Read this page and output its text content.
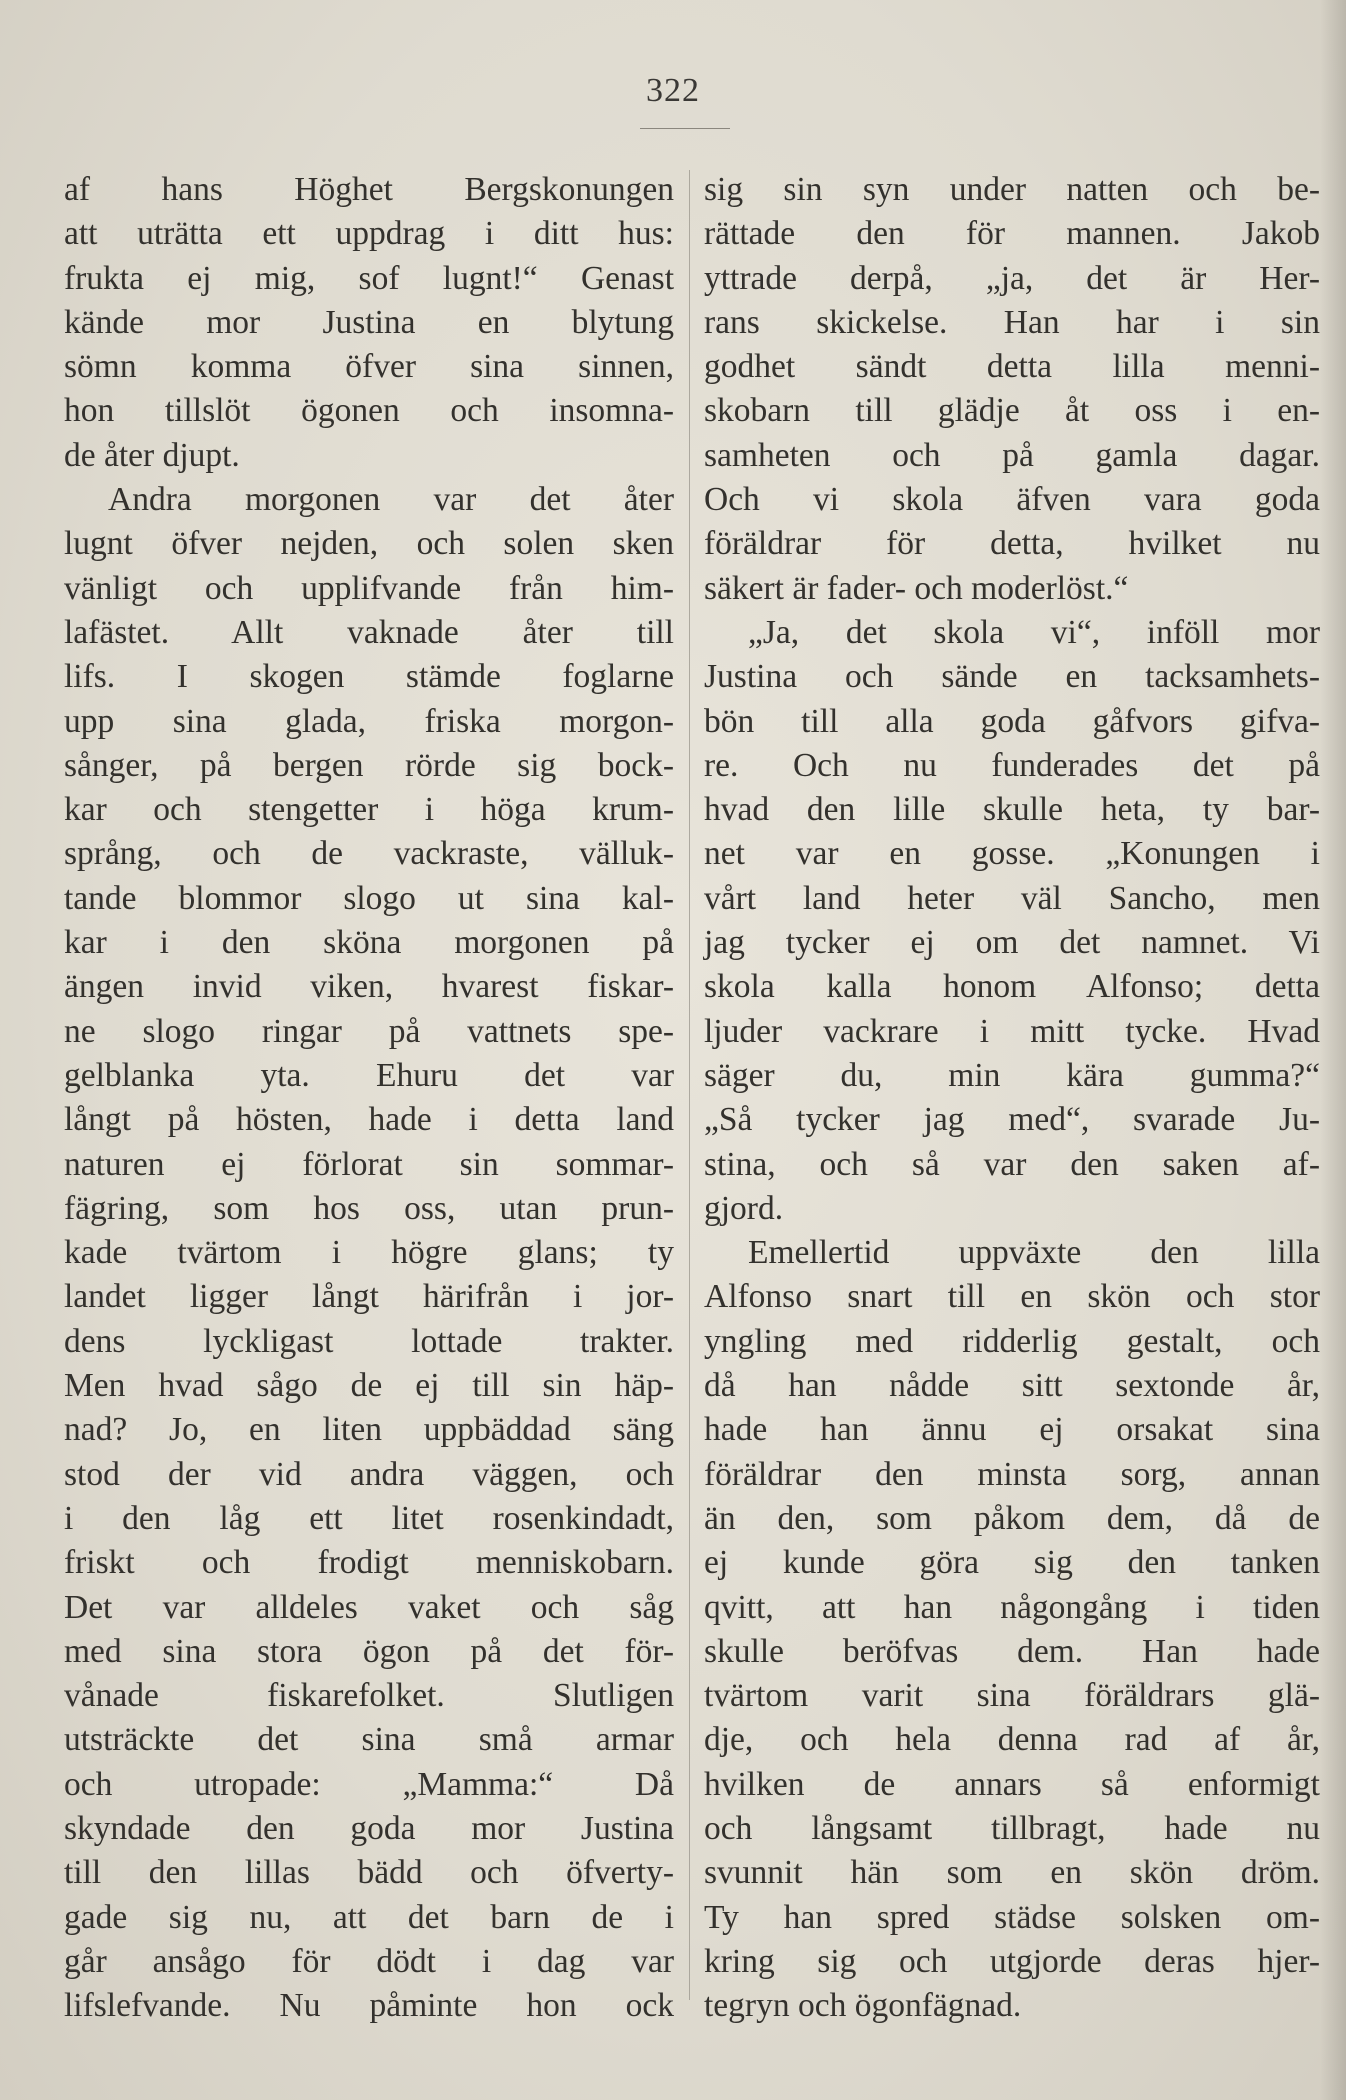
322
af hans Höghet Bergskonungen
att uträtta ett uppdrag i ditt hus:
frukta ej mig, sof lugnt!“ Genast
kände mor Justina en blytung
sömn komma öfver sina sinnen,
hon tillslöt ögonen och insomna-
de åter djupt.
Andra morgonen var det åter
lugnt öfver nejden, och solen sken
vänligt och upplifvande från him-
lafästet. Allt vaknade åter till
lifs. I skogen stämde foglarne
upp sina glada, friska morgon-
sånger, på bergen rörde sig bock-
kar och stengetter i höga krum-
språng, och de vackraste, välluk-
tande blommor slogo ut sina kal-
kar i den sköna morgonen på
ängen invid viken, hvarest fiskar-
ne slogo ringar på vattnets spe-
gelblanka yta. Ehuru det var
långt på hösten, hade i detta land
naturen ej förlorat sin sommar-
fägring, som hos oss, utan prun-
kade tvärtom i högre glans; ty
landet ligger långt härifrån i jor-
dens lyckligast lottade trakter.
Men hvad sågo de ej till sin häp-
nad? Jo, en liten uppbäddad säng
stod der vid andra väggen, och
i den låg ett litet rosenkindadt,
friskt och frodigt menniskobarn.
Det var alldeles vaket och såg
med sina stora ögon på det för-
vånade fiskarefolket. Slutligen
utsträckte det sina små armar
och utropade: „Mamma:“ Då
skyndade den goda mor Justina
till den lillas bädd och öfverty-
gade sig nu, att det barn de i
går ansågo för dödt i dag var
lifslefvande. Nu påminte hon ock
sig sin syn under natten och be-
rättade den för mannen. Jakob
yttrade derpå, „ja, det är Her-
rans skickelse. Han har i sin
godhet sändt detta lilla menni-
skobarn till glädje åt oss i en-
samheten och på gamla dagar.
Och vi skola äfven vara goda
föräldrar för detta, hvilket nu
säkert är fader- och moderlöst.“
„Ja, det skola vi“, inföll mor
Justina och sände en tacksamhets-
bön till alla goda gåfvors gifva-
re. Och nu funderades det på
hvad den lille skulle heta, ty bar-
net var en gosse. „Konungen i
vårt land heter väl Sancho, men
jag tycker ej om det namnet. Vi
skola kalla honom Alfonso; detta
ljuder vackrare i mitt tycke. Hvad
säger du, min kära gumma?“
„Så tycker jag med“, svarade Ju-
stina, och så var den saken af-
gjord.
Emellertid uppväxte den lilla
Alfonso snart till en skön och stor
yngling med ridderlig gestalt, och
då han nådde sitt sextonde år,
hade han ännu ej orsakat sina
föräldrar den minsta sorg, annan
än den, som påkom dem, då de
ej kunde göra sig den tanken
qvitt, att han någongång i tiden
skulle beröfvas dem. Han hade
tvärtom varit sina föräldrars glä-
dje, och hela denna rad af år,
hvilken de annars så enformigt
och långsamt tillbragt, hade nu
svunnit hän som en skön dröm.
Ty han spred städse solsken om-
kring sig och utgjorde deras hjer-
tegryn och ögonfägnad.
